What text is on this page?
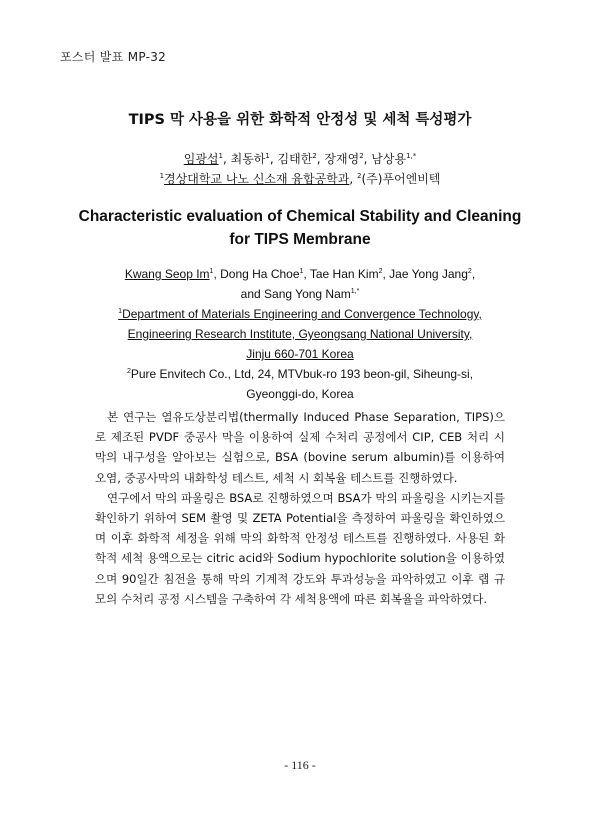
포스터 발표 MP-32
TIPS 막 사용을 위한 화학적 안정성 및 세척 특성평가
임광섭$^1$, 최동하$^1$, 김태한$^2$, 장재영$^2$, 남상용$^{1,*}$
$^1$경상대학교 나노 신소재 융합공학과, $^2$(주)푸어엔비텍
Characteristic evaluation of Chemical Stability and Cleaning
for TIPS Membrane
Kwang Seop Im$^1$, Dong Ha Choe$^1$, Tae Han Kim$^2$, Jae Yong Jang$^2$,
and Sang Yong Nam$^{1,*}$
$^1$Department of Materials Engineering and Convergence Technology,
Engineering Research Institute, Gyeongsang National University,
Jinju 660-701 Korea
$^2$Pure Envitech Co., Ltd, 24, MTVbuk-ro 193 beon-gil, Siheung-si,
Gyeonggi-do, Korea

본 연구는 열유도상분리법(thermally Induced Phase Separation, TIPS)으로 제조된 PVDF 중공사 막을 이용하여 실제 수처리 공정에서 CIP, CEB 처리 시 막의 내구성을 알아보는 실험으로, BSA (bovine serum albumin)를 이용하여 오염, 중공사막의 내화학성 테스트, 세척 시 회복율 테스트를 진행하였다.

연구에서 막의 파울링은 BSA로 진행하였으며 BSA가 막의 파울링을 시키는지를 확인하기 위하여 SEM 촬영 및 ZETA Potential을 측정하여 파울링을 확인하였으며 이후 화학적 세정을 위해 막의 화학적 안정성 테스트를 진행하였다. 사용된 화학적 세척 용액으로는 citric acid와 Sodium hypochlorite solution을 이용하였으며 90일간 침전을 통해 막의 기계적 강도와 투과성능을 파악하였고 이후 랩 규모의 수처리 공정 시스템을 구축하여 각 세척용액에 따른 회복율을 파악하였다.

- 116 -
